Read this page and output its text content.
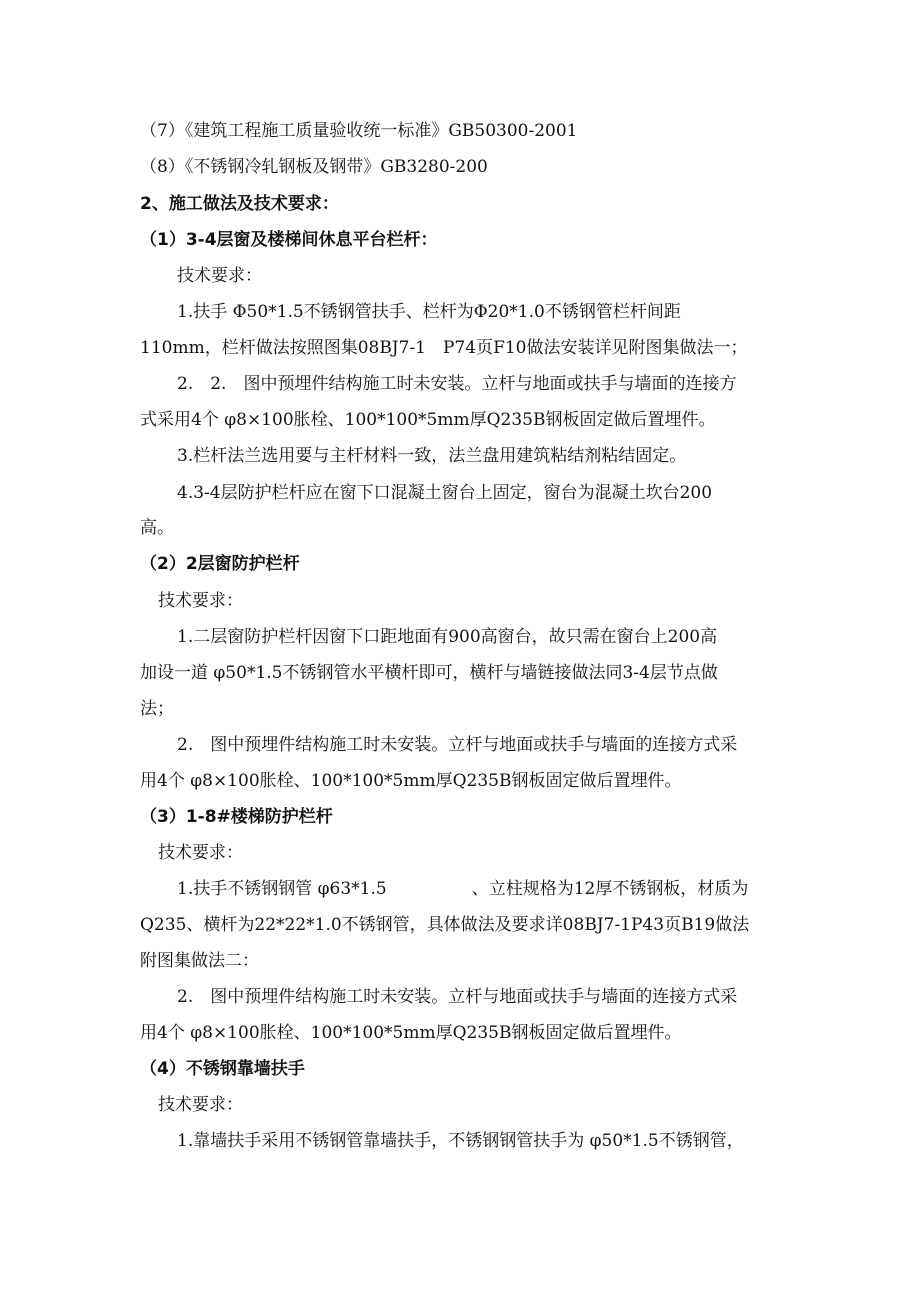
（7）《建筑工程施工质量验收统一标准》GB50300-2001
（8）《不锈钢冷轧钢板及钢带》GB3280-200
2、施工做法及技术要求：
（1）3-4层窗及楼梯间休息平台栏杆：
技术要求：
1.扶手 Φ50*1.5不锈钢管扶手、栏杆为Φ20*1.0不锈钢管栏杆间距
110mm，栏杆做法按照图集08BJ7-1　P74页F10做法安装详见附图集做法一；
2.　2.　图中预埋件结构施工时未安装。立杆与地面或扶手与墙面的连接方
式采用4个 φ8×100胀栓、100*100*5mm厚Q235B钢板固定做后置埋件。
3.栏杆法兰选用要与主杆材料一致，法兰盘用建筑粘结剂粘结固定。
4.3-4层防护栏杆应在窗下口混凝土窗台上固定，窗台为混凝土坎台200
高。
（2）2层窗防护栏杆
技术要求：
1.二层窗防护栏杆因窗下口距地面有900高窗台，故只需在窗台上200高
加设一道 φ50*1.5不锈钢管水平横杆即可，横杆与墙链接做法同3-4层节点做
法；
2.　图中预埋件结构施工时未安装。立杆与地面或扶手与墙面的连接方式采
用4个 φ8×100胀栓、100*100*5mm厚Q235B钢板固定做后置埋件。
（3）1-8#楼梯防护栏杆
技术要求：
1.扶手不锈钢钢管 φ63*1.5　　　　　、立柱规格为12厚不锈钢板，材质为
Q235、横杆为22*22*1.0不锈钢管，具体做法及要求详08BJ7-1P43页B19做法
附图集做法二：
2.　图中预埋件结构施工时未安装。立杆与地面或扶手与墙面的连接方式采
用4个 φ8×100胀栓、100*100*5mm厚Q235B钢板固定做后置埋件。
（4）不锈钢靠墙扶手
技术要求：
1.靠墙扶手采用不锈钢管靠墙扶手，不锈钢钢管扶手为 φ50*1.5不锈钢管，
